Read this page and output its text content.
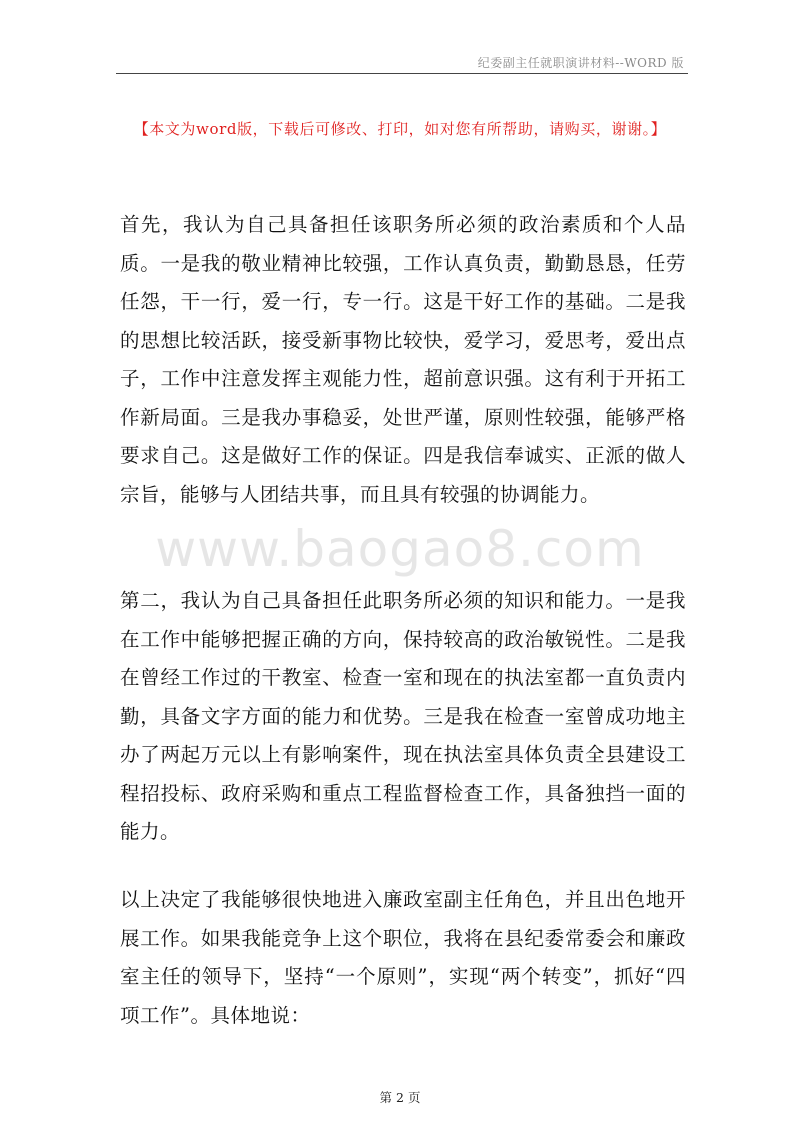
纪委副主任就职演讲材料--WORD 版
【本文为word版，下载后可修改、打印，如对您有所帮助，请购买，谢谢。】
www.baogao8.com

首先，我认为自己具备担任该职务所必须的政治素质和个人品质。一是我的敬业精神比较强，工作认真负责，勤勤恳恳，任劳任怨，干一行，爱一行，专一行。这是干好工作的基础。二是我的思想比较活跃，接受新事物比较快，爱学习，爱思考，爱出点子，工作中注意发挥主观能力性，超前意识强。这有利于开拓工作新局面。三是我办事稳妥，处世严谨，原则性较强，能够严格要求自己。这是做好工作的保证。四是我信奉诚实、正派的做人宗旨，能够与人团结共事，而且具有较强的协调能力。

第二，我认为自己具备担任此职务所必须的知识和能力。一是我在工作中能够把握正确的方向，保持较高的政治敏锐性。二是我在曾经工作过的干教室、检查一室和现在的执法室都一直负责内勤，具备文字方面的能力和优势。三是我在检查一室曾成功地主办了两起万元以上有影响案件，现在执法室具体负责全县建设工程招投标、政府采购和重点工程监督检查工作，具备独挡一面的能力。

以上决定了我能够很快地进入廉政室副主任角色，并且出色地开展工作。如果我能竞争上这个职位，我将在县纪委常委会和廉政室主任的领导下，坚持“一个原则”，实现“两个转变”，抓好“四项工作”。具体地说：

第 2 页
